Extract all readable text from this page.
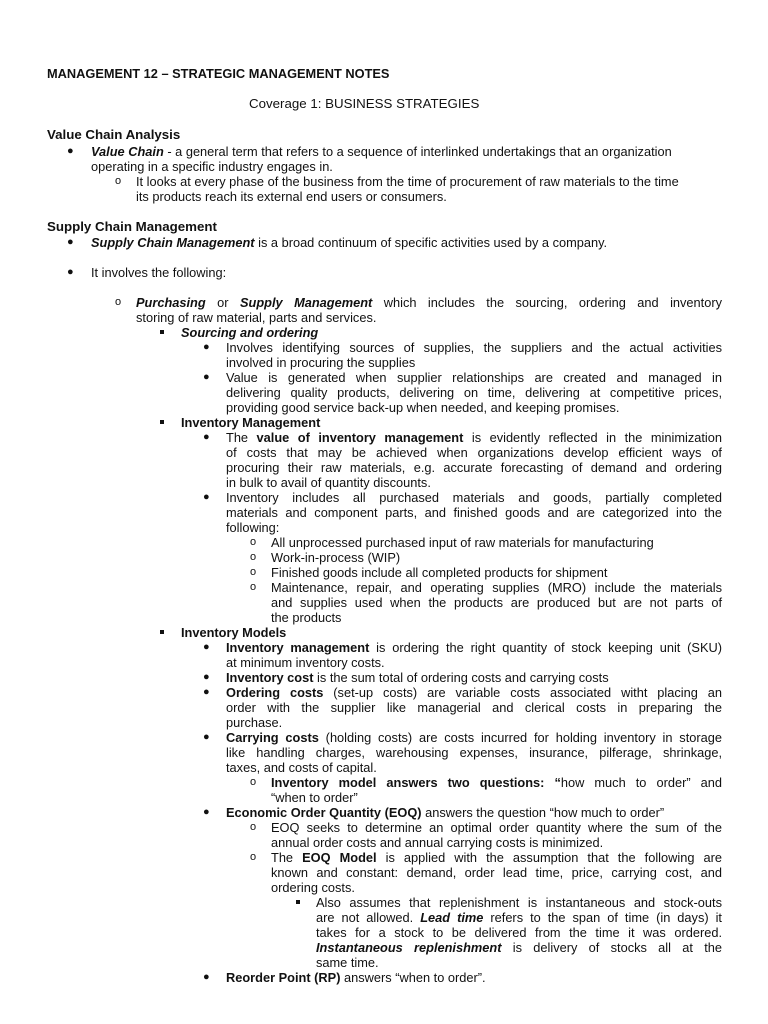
MANAGEMENT 12 – STRATEGIC MANAGEMENT NOTES
Coverage 1: BUSINESS STRATEGIES
Value Chain Analysis
● Value Chain - a general term that refers to a sequence of interlinked undertakings that an organization
operating in a specific industry engages in.
o It looks at every phase of the business from the time of procurement of raw materials to the time
its products reach its external end users or consumers.
Supply Chain Management
● Supply Chain Management is a broad continuum of specific activities used by a company.
● It involves the following:
o Purchasing or Supply Management which includes the sourcing, ordering and inventory
storing of raw material, parts and services.
Sourcing and ordering
● Involves identifying sources of supplies, the suppliers and the actual activities
involved in procuring the supplies
● Value is generated when supplier relationships are created and managed in
delivering quality products, delivering on time, delivering at competitive prices,
providing good service back-up when needed, and keeping promises.
Inventory Management
● The value of inventory management is evidently reflected in the minimization
of costs that may be achieved when organizations develop efficient ways of
procuring their raw materials, e.g. accurate forecasting of demand and ordering
in bulk to avail of quantity discounts.
● Inventory includes all purchased materials and goods, partially completed
materials and component parts, and finished goods and are categorized into the
following:
o All unprocessed purchased input of raw materials for manufacturing
o Work-in-process (WIP)
o Finished goods include all completed products for shipment
o Maintenance, repair, and operating supplies (MRO) include the materials
and supplies used when the products are produced but are not parts of
the products
Inventory Models
● Inventory management is ordering the right quantity of stock keeping unit (SKU)
at minimum inventory costs.
● Inventory cost is the sum total of ordering costs and carrying costs
● Ordering costs (set-up costs) are variable costs associated witht placing an
order with the supplier like managerial and clerical costs in preparing the
purchase.
● Carrying costs (holding costs) are costs incurred for holding inventory in storage
like handling charges, warehousing expenses, insurance, pilferage, shrinkage,
taxes, and costs of capital.
o Inventory model answers two questions: “how much to order” and
“when to order”
● Economic Order Quantity (EOQ) answers the question “how much to order”
o EOQ seeks to determine an optimal order quantity where the sum of the
annual order costs and annual carrying costs is minimized.
o The EOQ Model is applied with the assumption that the following are
known and constant: demand, order lead time, price, carrying cost, and
ordering costs.
Also assumes that replenishment is instantaneous and stock-outs
are not allowed. Lead time refers to the span of time (in days) it
takes for a stock to be delivered from the time it was ordered.
Instantaneous replenishment is delivery of stocks all at the
same time.
● Reorder Point (RP) answers “when to order”.
